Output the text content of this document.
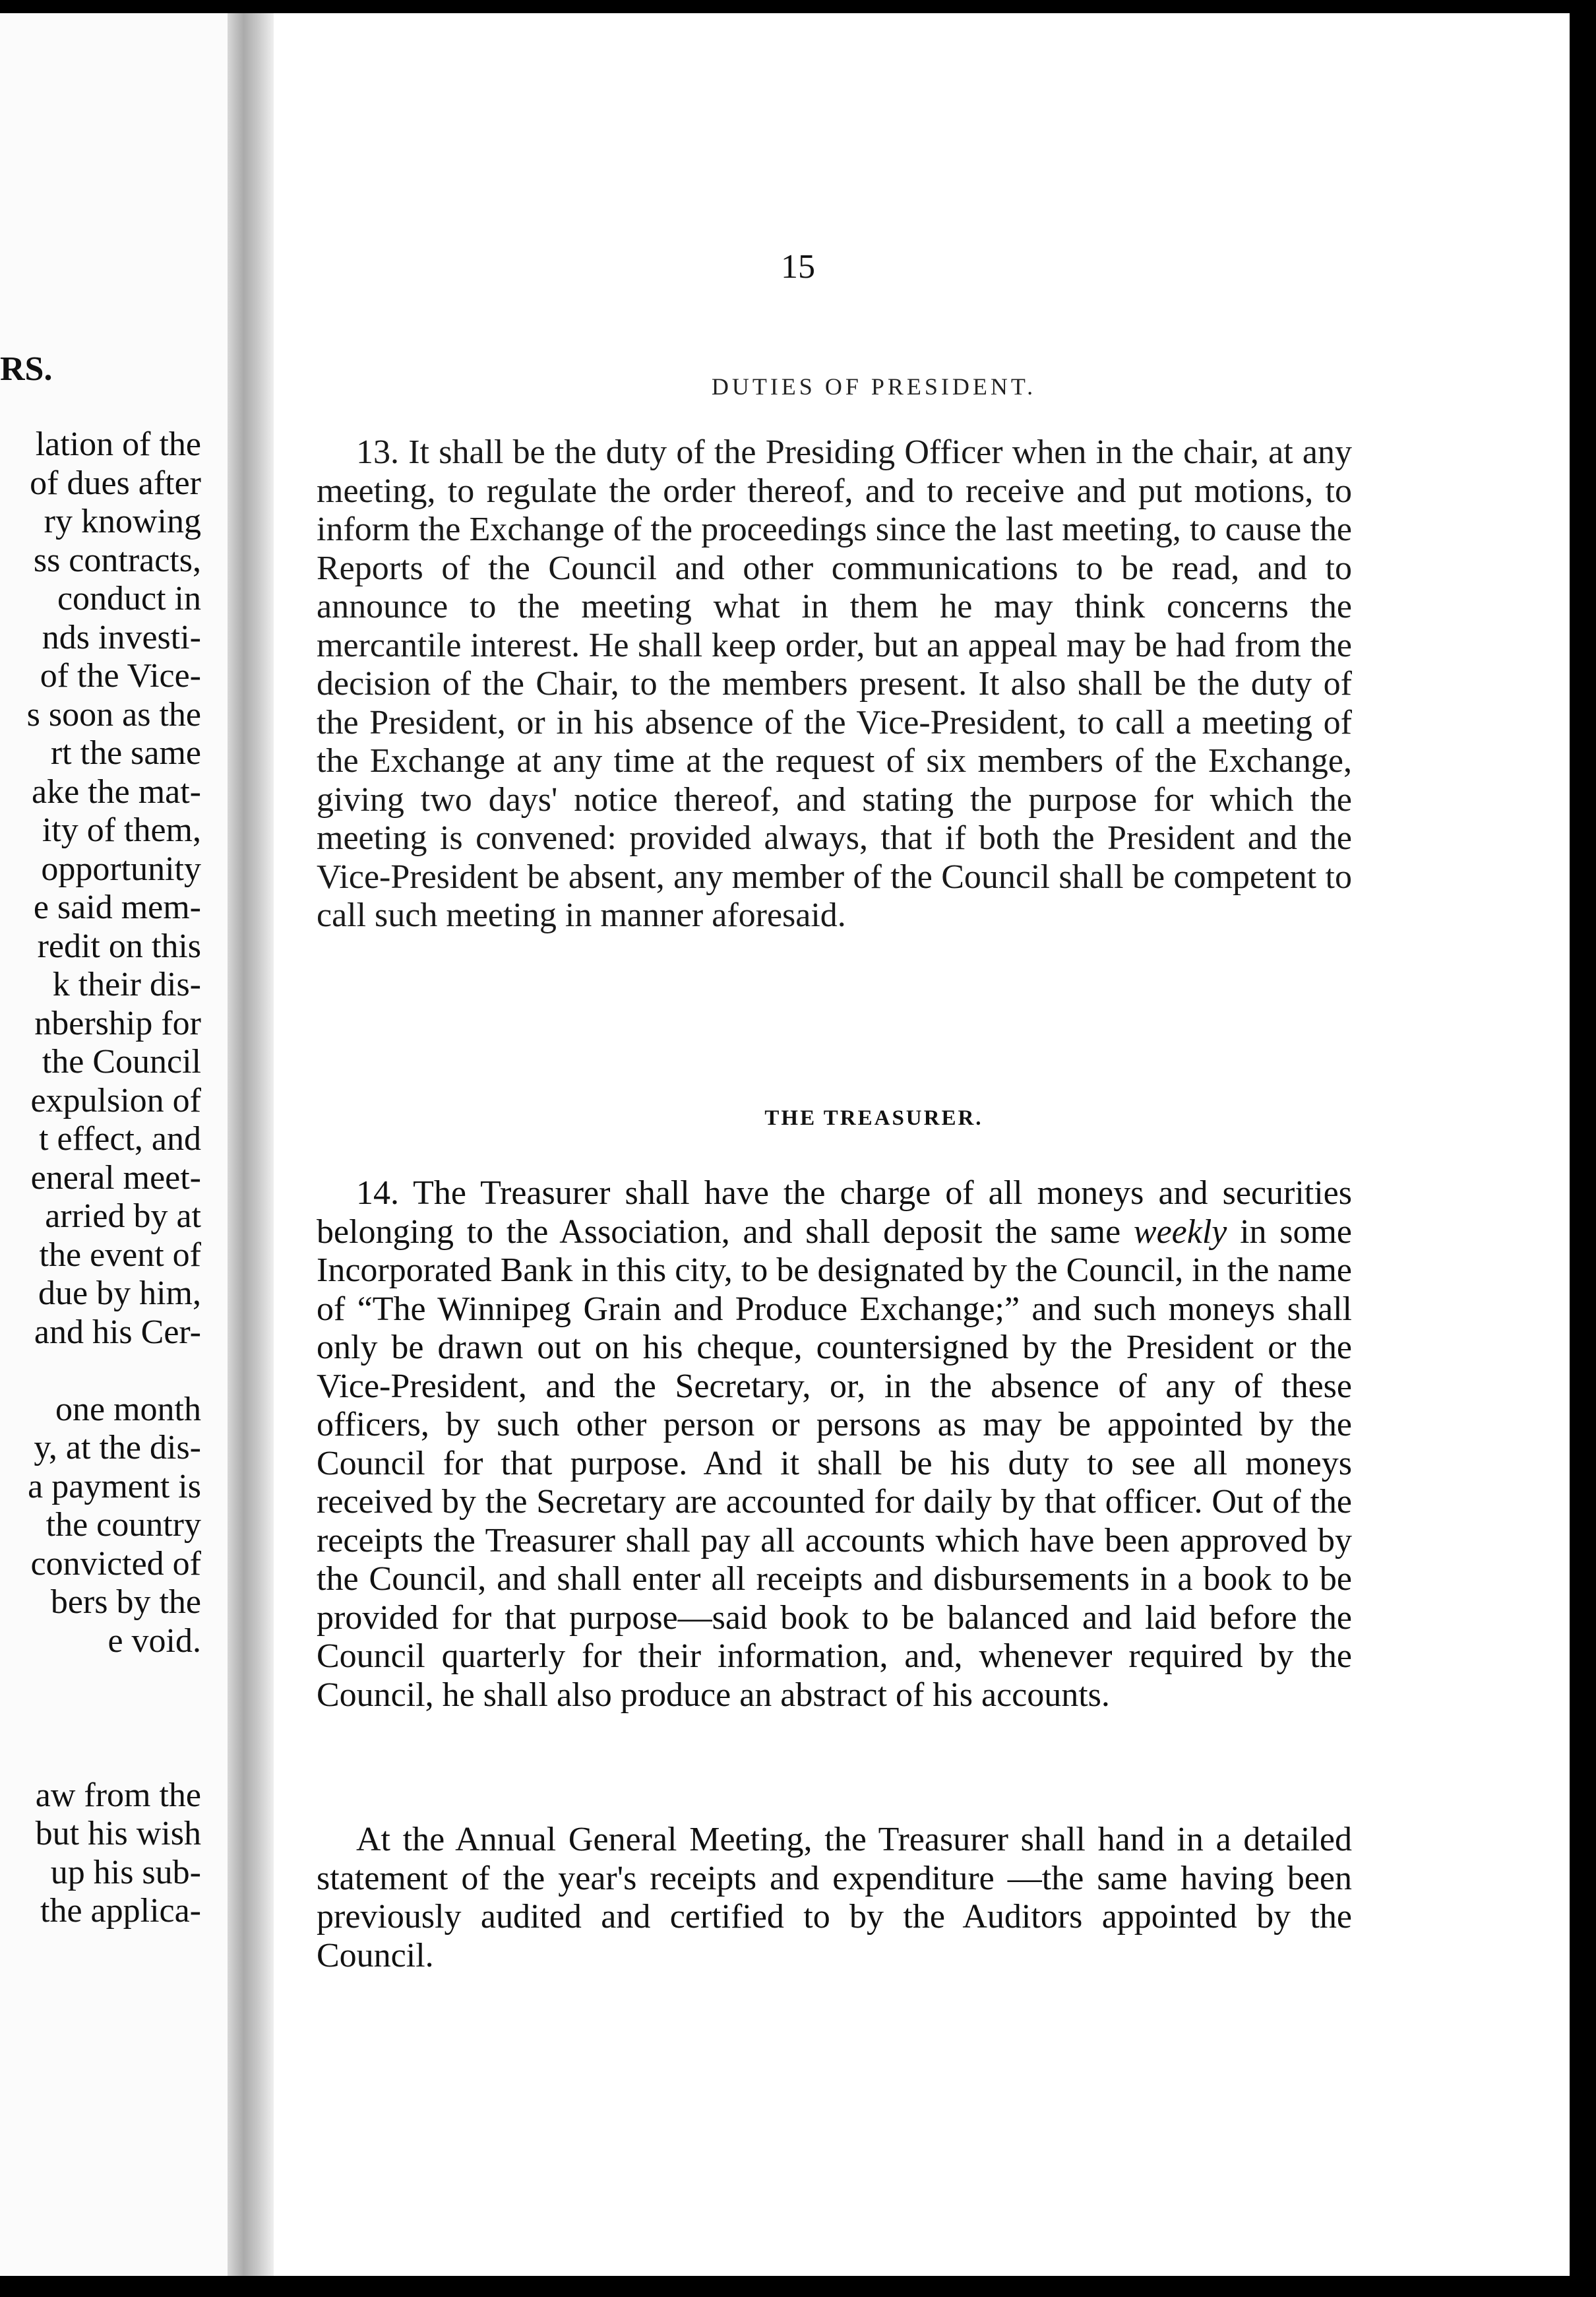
RS.
lation of the
of dues after
ry knowing
ss contracts,
conduct in
nds investi-
of the Vice-
s soon as the
rt the same
ake the mat-
ity of them,
opportunity
e said mem-
redit on this
k their dis-
nbership for
the Council
expulsion of
t effect, and
eneral meet-
arried by at
the event of
due by him,
and his Cer-

one month
y, at the dis-
a payment is
the country
convicted of
bers by the
e void.

aw from the
but his wish
up his sub-
the applica-
15
DUTIES OF PRESIDENT.

13. It shall be the duty of the Presiding Officer when in the chair, at any meeting, to regulate the order thereof, and to receive and put motions, to inform the Exchange of the proceedings since the last meeting, to cause the Reports of the Council and other communications to be read, and to announce to the meeting what in them he may think concerns the mercantile interest. He shall keep order, but an appeal may be had from the decision of the Chair, to the members present. It also shall be the duty of the President, or in his absence of the Vice-President, to call a meeting of the Exchange at any time at the request of six members of the Exchange, giving two days' notice thereof, and stating the purpose for which the meeting is convened: provided always, that if both the President and the Vice-President be absent, any member of the Council shall be competent to call such meeting in manner aforesaid.

THE TREASURER.

14. The Treasurer shall have the charge of all moneys and securities belonging to the Association, and shall deposit the same weekly in some Incorporated Bank in this city, to be designated by the Council, in the name of “The Winnipeg Grain and Produce Exchange;” and such moneys shall only be drawn out on his cheque, countersigned by the President or the Vice-President, and the Secretary, or, in the absence of any of these officers, by such other person or persons as may be appointed by the Council for that purpose. And it shall be his duty to see all moneys received by the Secretary are accounted for daily by that officer. Out of the receipts the Treasurer shall pay all accounts which have been approved by the Council, and shall enter all receipts and disbursements in a book to be provided for that purpose—said book to be balanced and laid before the Council quarterly for their information, and, whenever required by the Council, he shall also produce an abstract of his accounts.

At the Annual General Meeting, the Treasurer shall hand in a detailed statement of the year's receipts and expenditure —the same having been previously audited and certified to by the Auditors appointed by the Council.
